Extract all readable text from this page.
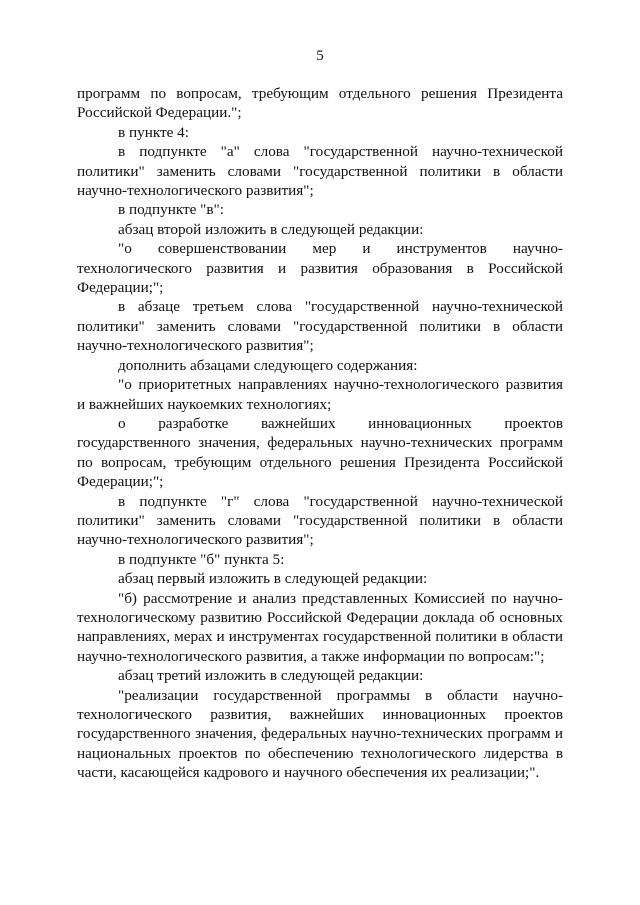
5

программ по вопросам, требующим отдельного решения Президента Российской Федерации.";

в пункте 4:

в подпункте "а" слова "государственной научно-технической политики" заменить словами "государственной политики в области научно-технологического развития";

в подпункте "в":

абзац второй изложить в следующей редакции:

"о совершенствовании мер и инструментов научно-технологического развития и развития образования в Российской Федерации;";

в абзаце третьем слова "государственной научно-технической политики" заменить словами "государственной политики в области научно-технологического развития";

дополнить абзацами следующего содержания:

"о приоритетных направлениях научно-технологического развития и важнейших наукоемких технологиях;

о разработке важнейших инновационных проектов государственного значения, федеральных научно-технических программ по вопросам, требующим отдельного решения Президента Российской Федерации;";

в подпункте "г" слова "государственной научно-технической политики" заменить словами "государственной политики в области научно-технологического развития";

в подпункте "б" пункта 5:

абзац первый изложить в следующей редакции:

"б) рассмотрение и анализ представленных Комиссией по научно-технологическому развитию Российской Федерации доклада об основных направлениях, мерах и инструментах государственной политики в области научно-технологического развития, а также информации по вопросам:";

абзац третий изложить в следующей редакции:

"реализации государственной программы в области научно-технологического развития, важнейших инновационных проектов государственного значения, федеральных научно-технических программ и национальных проектов по обеспечению технологического лидерства в части, касающейся кадрового и научного обеспечения их реализации;".
